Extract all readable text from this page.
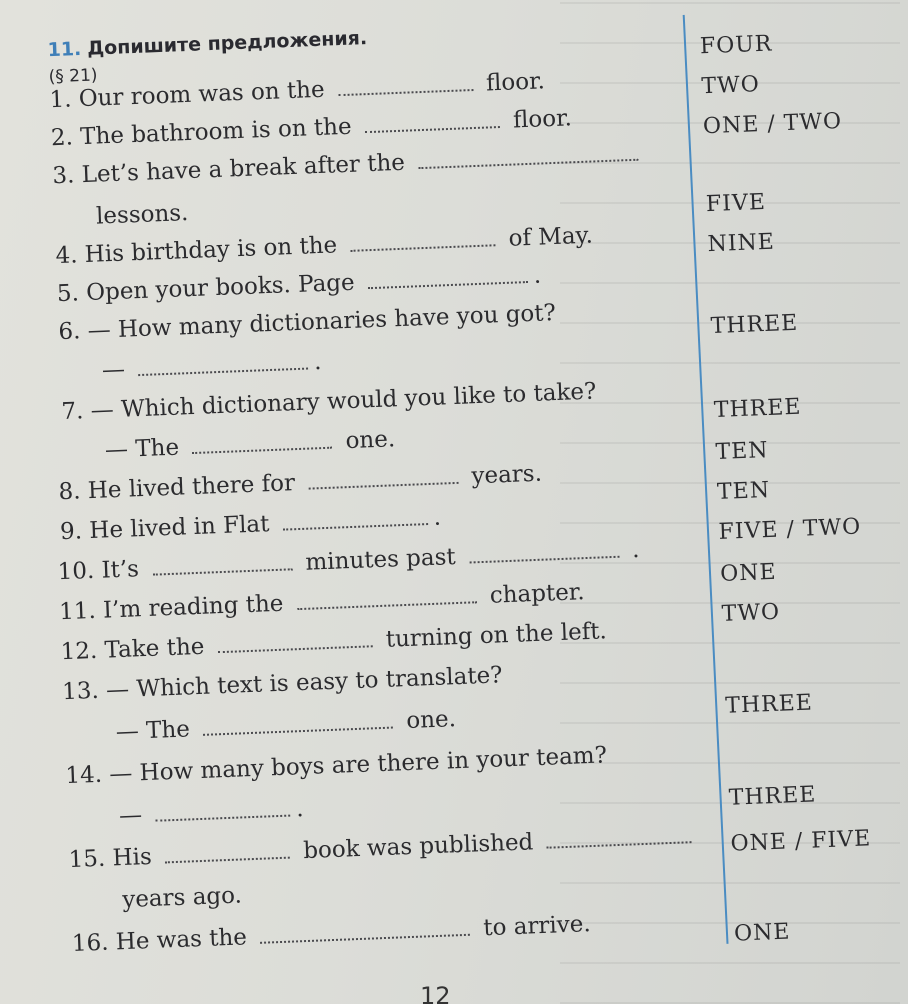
11. Допишите предложения.
(§ 21)
1. Our room was on the	floor.
2. The bathroom is on the	floor.
3. Let’s have a break after the
lessons.
4. His birthday is on the	of May.
5. Open your books. Page	.
6. — How many dictionaries have you got?
—	.
7. — Which dictionary would you like to take?
— The	one.
8. He lived there for	years.
9. He lived in Flat	.
10. It’s	minutes past	.
11. I’m reading the	chapter.
12. Take the	turning on the left.
13. — Which text is easy to translate?
— The	one.
14. — How many boys are there in your team?
—	.
15. His	book was published
years ago.
16. He was the	to arrive.
FOUR
TWO
ONE / TWO
FIVE
NINE
THREE
THREE
TEN
TEN
FIVE / TWO
ONE
TWO
THREE
THREE
ONE / FIVE
ONE
12
